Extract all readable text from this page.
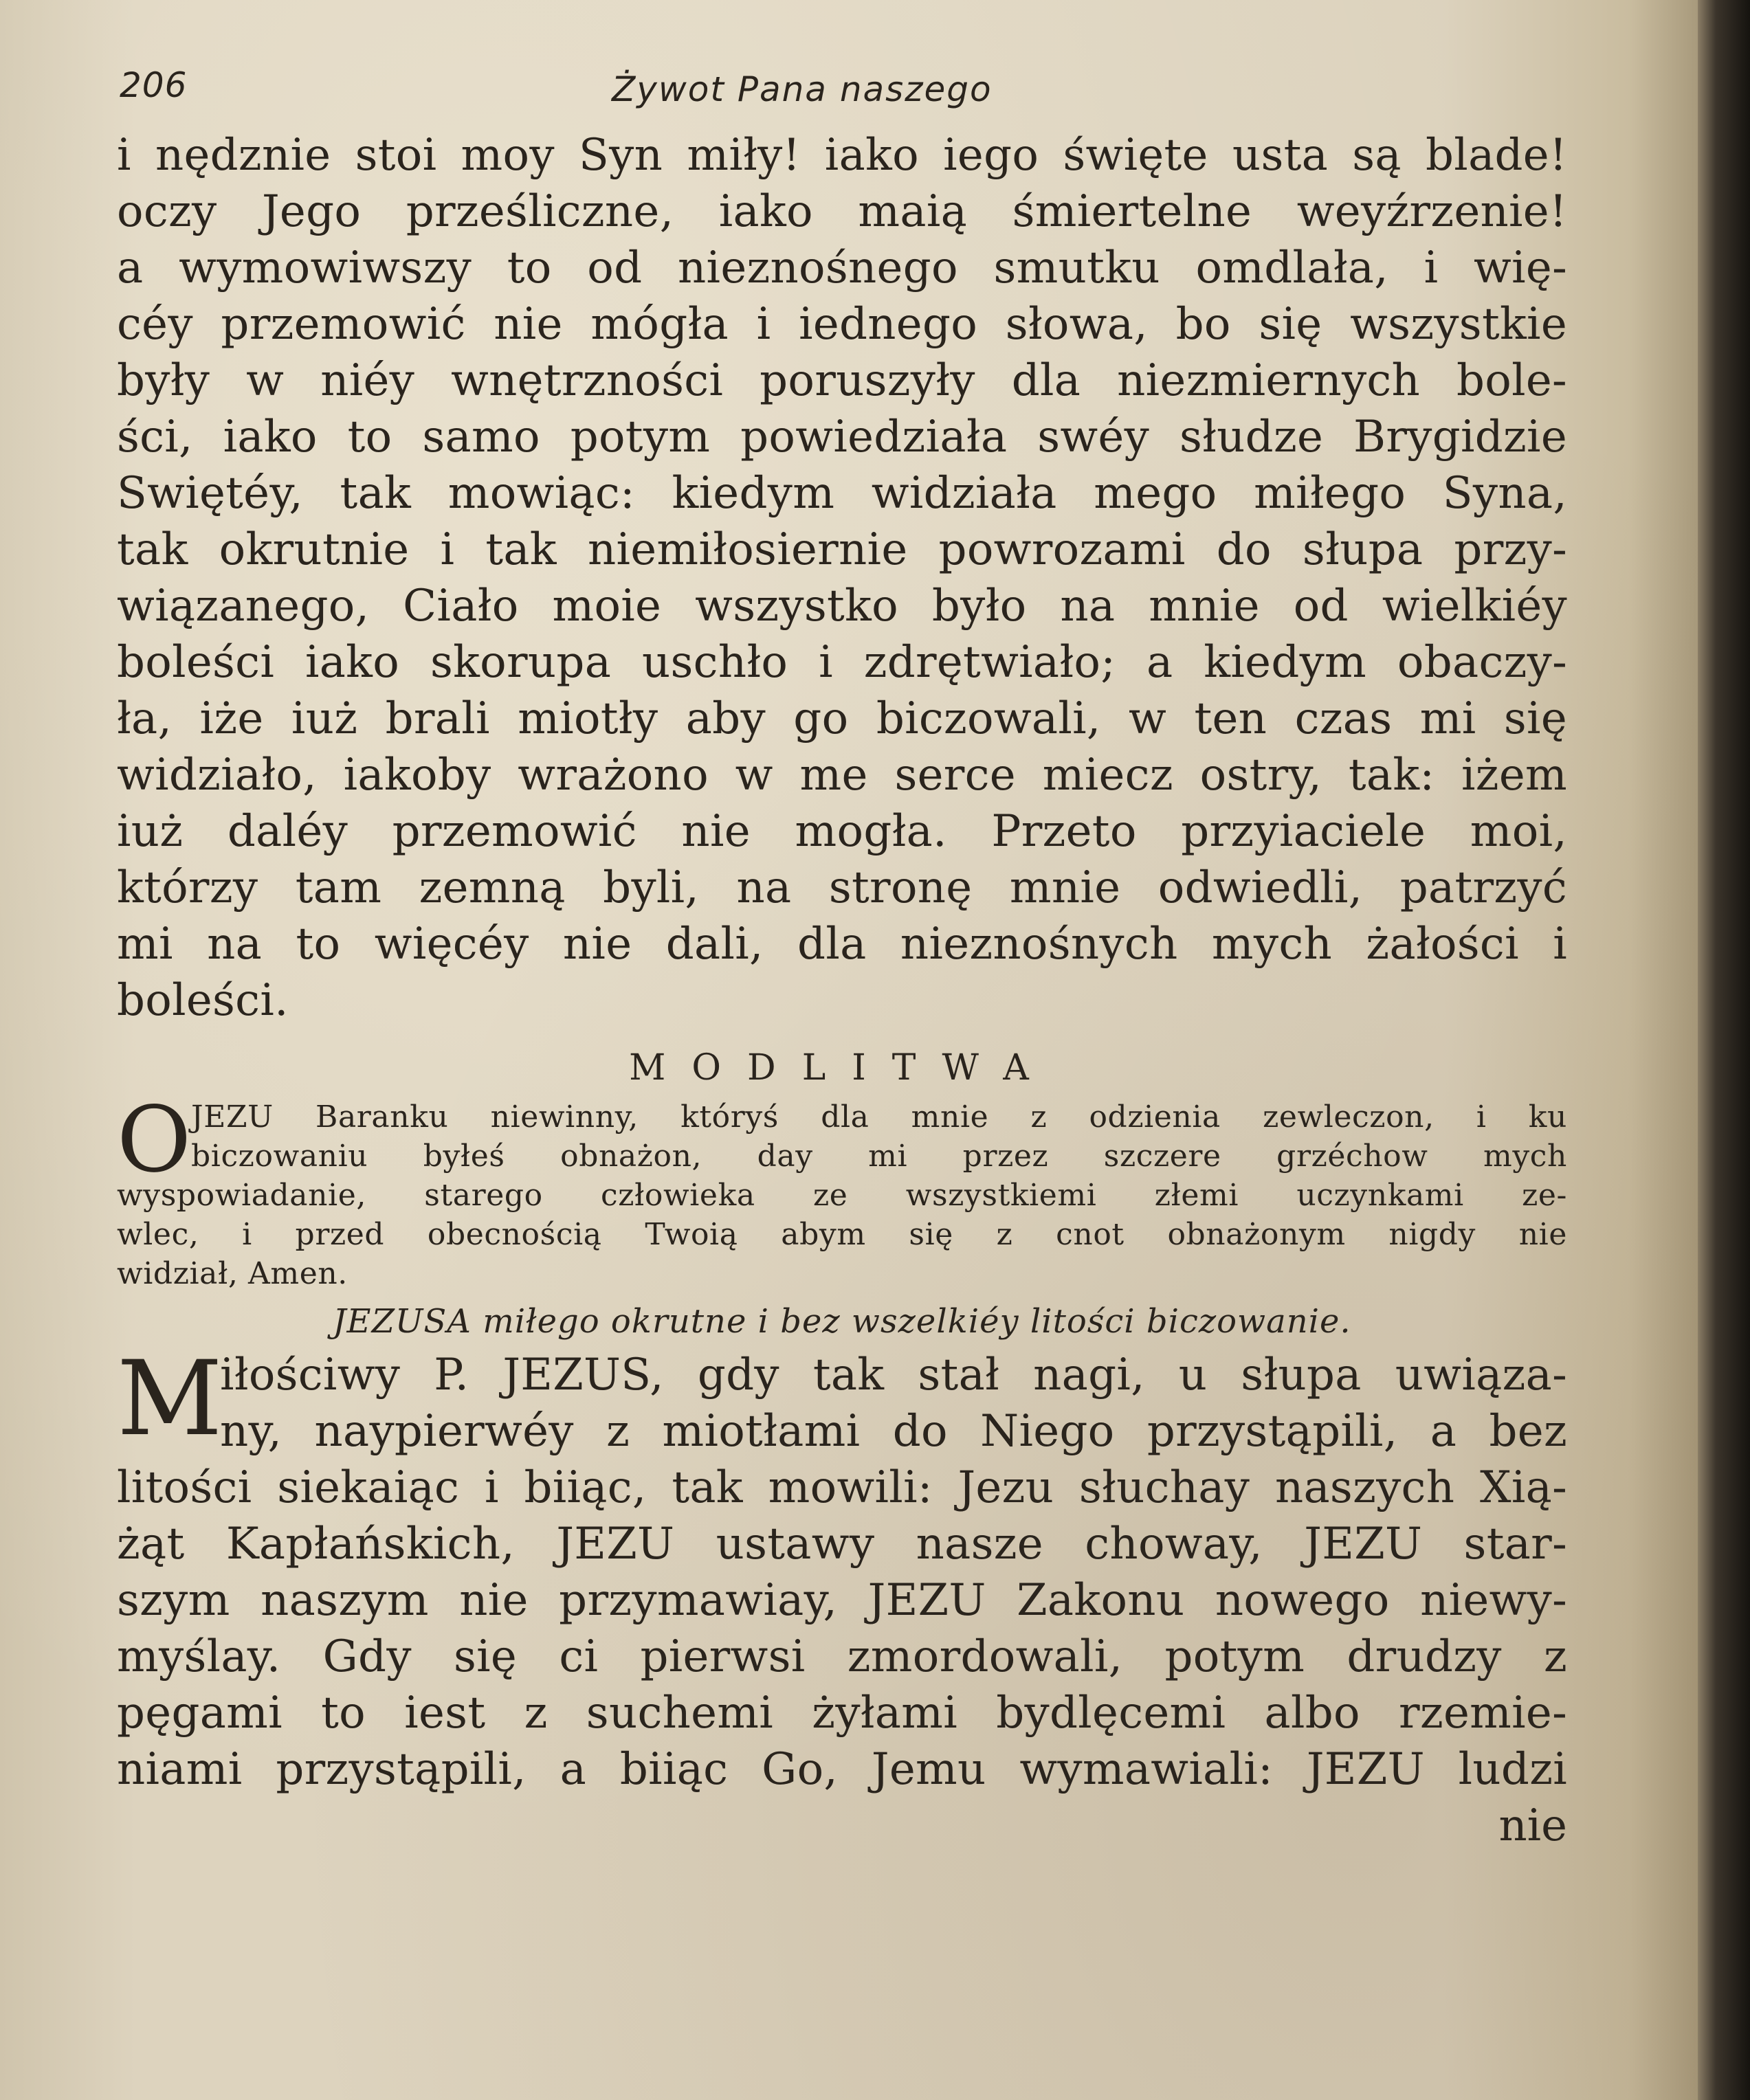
206	Żywot Pana naszego
i nędznie stoi moy Syn miły! iako iego święte usta są blade!
oczy Jego prześliczne, iako maią śmiertelne weyźrzenie!
a wymowiwszy to od nieznośnego smutku omdlała, i wię-
céy przemowić nie mógła i iednego słowa, bo się wszystkie
były w niéy wnętrzności poruszyły dla niezmiernych bole-
ści, iako to samo potym powiedziała swéy słudze Brygidzie
Swiętéy, tak mowiąc: kiedym widziała mego miłego Syna,
tak okrutnie i tak niemiłosiernie powrozami do słupa przy-
wiązanego, Ciało moie wszystko było na mnie od wielkiéy
boleści iako skorupa uschło i zdrętwiało; a kiedym obaczy-
ła, iże iuż brali miotły aby go biczowali, w ten czas mi się
widziało, iakoby wrażono w me serce miecz ostry, tak: iżem
iuż daléy przemowić nie mogła. Przeto przyiaciele moi,
którzy tam zemną byli, na stronę mnie odwiedli, patrzyć
mi na to więcéy nie dali, dla nieznośnych mych żałości i
boleści.
MODLITWA
O JEZU Baranku niewinny, któryś dla mnie z odzienia zewleczon, i ku
biczowaniu byłeś obnażon, day mi przez szczere grzéchow mych
wyspowiadanie, starego człowieka ze wszystkiemi złemi uczynkami ze-
wlec, i przed obecnością Twoią abym się z cnot obnażonym nigdy nie
widział, Amen.
JEZUSA miłego okrutne i bez wszelkiéy litości biczowanie.
M
iłościwy P. JEZUS, gdy tak stał nagi, u słupa uwiąza-
ny, naypierwéy z miotłami do Niego przystąpili, a bez
litości siekaiąc i biiąc, tak mowili: Jezu słuchay naszych Xią-
żąt Kapłańskich, JEZU ustawy nasze chоway, JEZU star-
szym naszym nie przymawiay, JEZU Zakonu nowego niewy-
myślay. Gdy się ci pierwsi zmordowali, potym drudzy z
pęgami to iest z suchemi żyłami bydlęcemi albo rzemie-
niami przystąpili, a biiąc Go, Jemu wymawiali: JEZU ludzi
nie
